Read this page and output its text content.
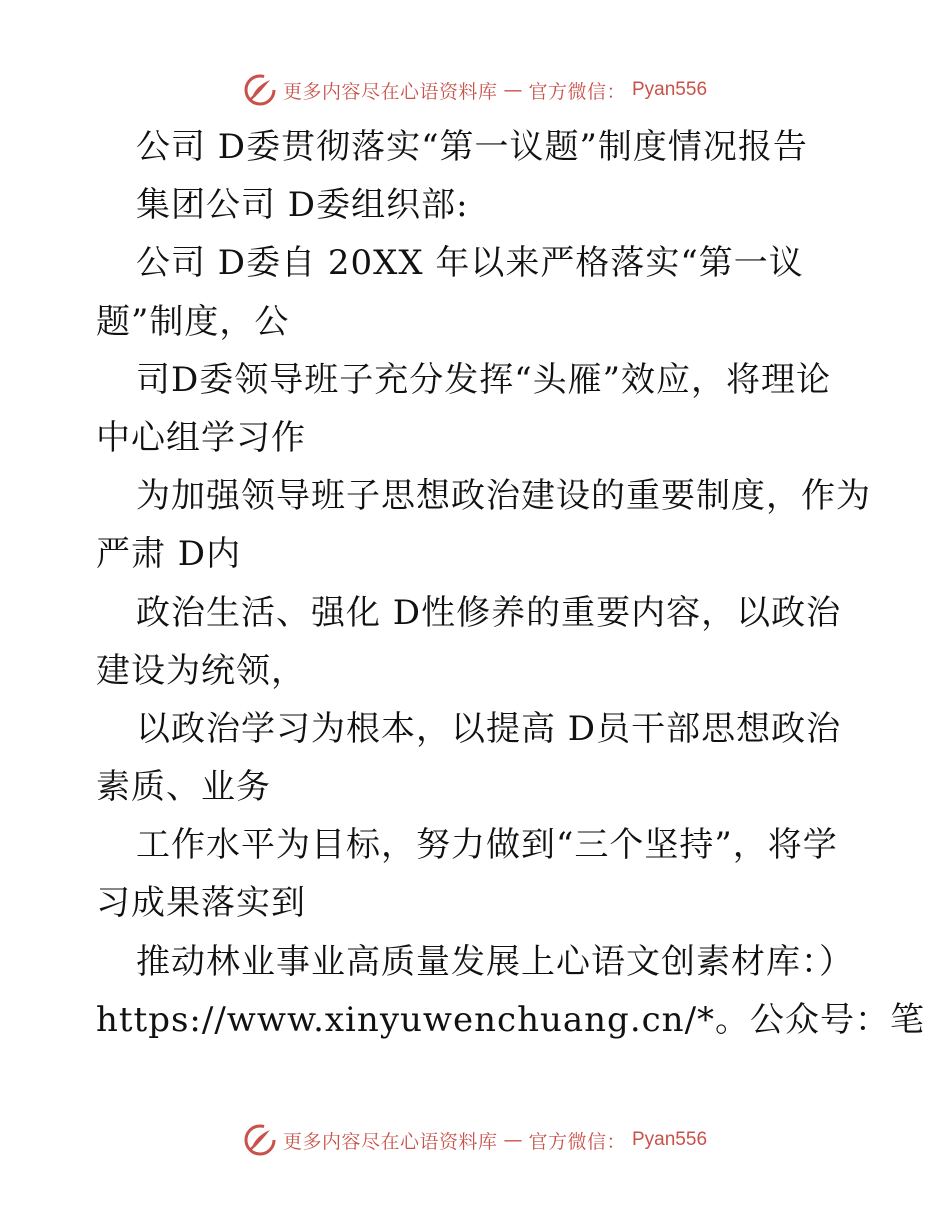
更多内容尽在心语资料库 — 官方微信： Pyan556
公司 D委贯彻落实“第一议题”制度情况报告
集团公司 D委组织部:
公司 D委自 20XX 年以来严格落实“第一议
题”制度，公
司D委领导班子充分发挥“头雁”效应，将理论
中心组学习作
为加强领导班子思想政治建设的重要制度，作为
严肃 D内
政治生活、强化 D性修养的重要内容，以政治
建设为统领，
以政治学习为根本，以提高 D员干部思想政治
素质、业务
工作水平为目标，努力做到“三个坚持”，将学
习成果落实到
推动林业事业高质量发展上心语文创素材库：）
https://www.xinyuwenchuang.cn/*。公众号：笔
更多内容尽在心语资料库 — 官方微信： Pyan556
